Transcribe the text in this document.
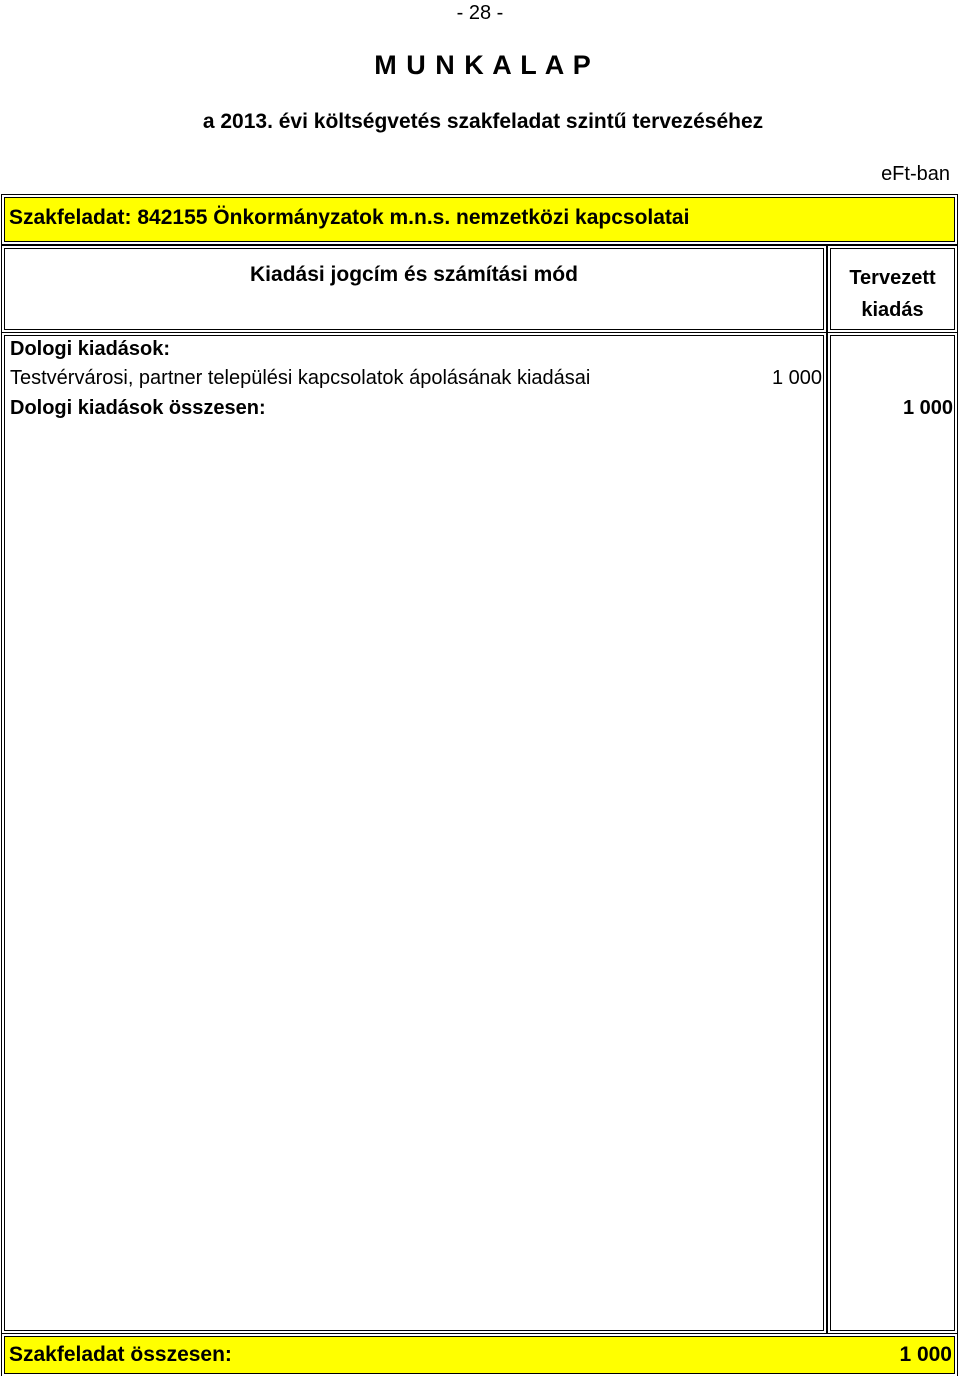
- 28 -
M U N K A L A P
a 2013. évi költségvetés szakfeladat szintű tervezéséhez
eFt-ban
Szakfeladat: 842155 Önkormányzatok m.n.s. nemzetközi kapcsolatai
Kiadási jogcím és számítási mód	Tervezett
kiadás
Dologi kiadások:
Testvérvárosi, partner települési kapcsolatok ápolásának kiadásai	1 000
Dologi kiadások összesen:	1 000
Szakfeladat összesen:	1 000
